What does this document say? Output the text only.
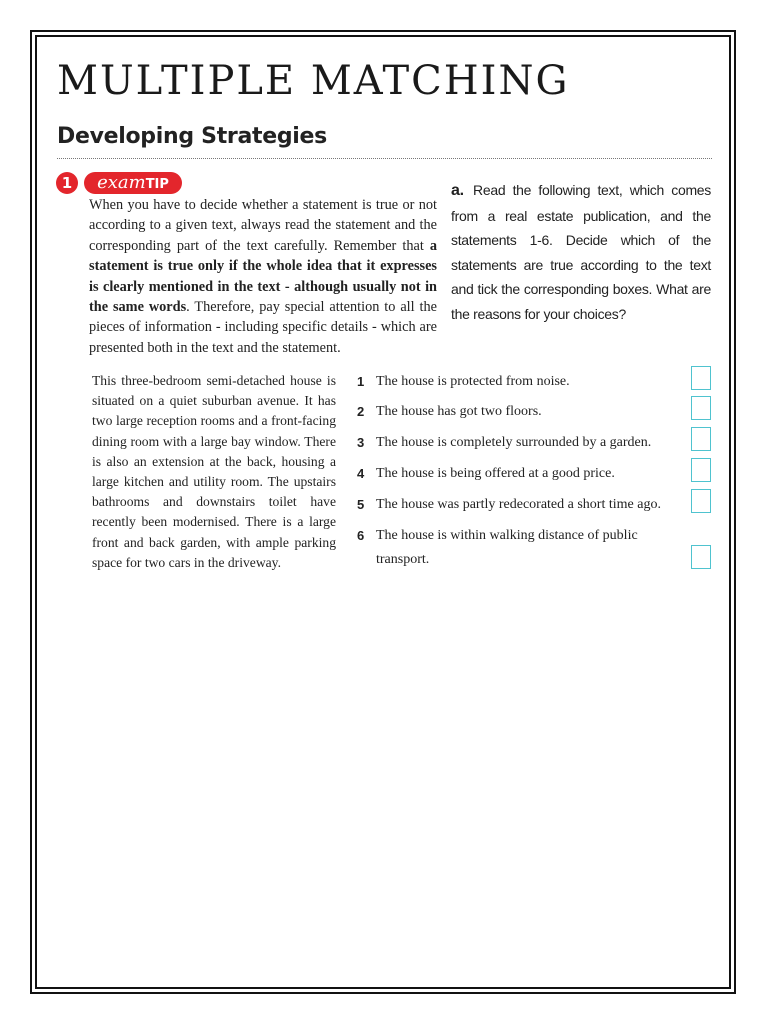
MULTIPLE MATCHING
Developing Strategies
1	examTIP
When you have to decide whether a statement is true or not according to a given text, always read the statement and the corresponding part of the text carefully. Remember that a statement is true only if the whole idea that it expresses is clearly mentioned in the text - although usually not in the same words. Therefore, pay special attention to all the pieces of information - including specific details - which are presented both in the text and the statement.
a. Read the following text, which comes from a real estate publication, and the statements 1-6. Decide which of the statements are true according to the text and tick the corresponding boxes. What are the reasons for your choices?
This three-bedroom semi-detached house is situated on a quiet suburban avenue. It has two large reception rooms and a front-facing dining room with a large bay window. There is also an extension at the back, housing a large kitchen and utility room. The upstairs bathrooms and downstairs toilet have recently been modernised. There is a large front and back garden, with ample parking space for two cars in the driveway.
1 The house is protected from noise.
2 The house has got two floors.
3 The house is completely surrounded by a garden.
4 The house is being offered at a good price.
5 The house was partly redecorated a short time ago.
6 The house is within walking distance of public transport.
